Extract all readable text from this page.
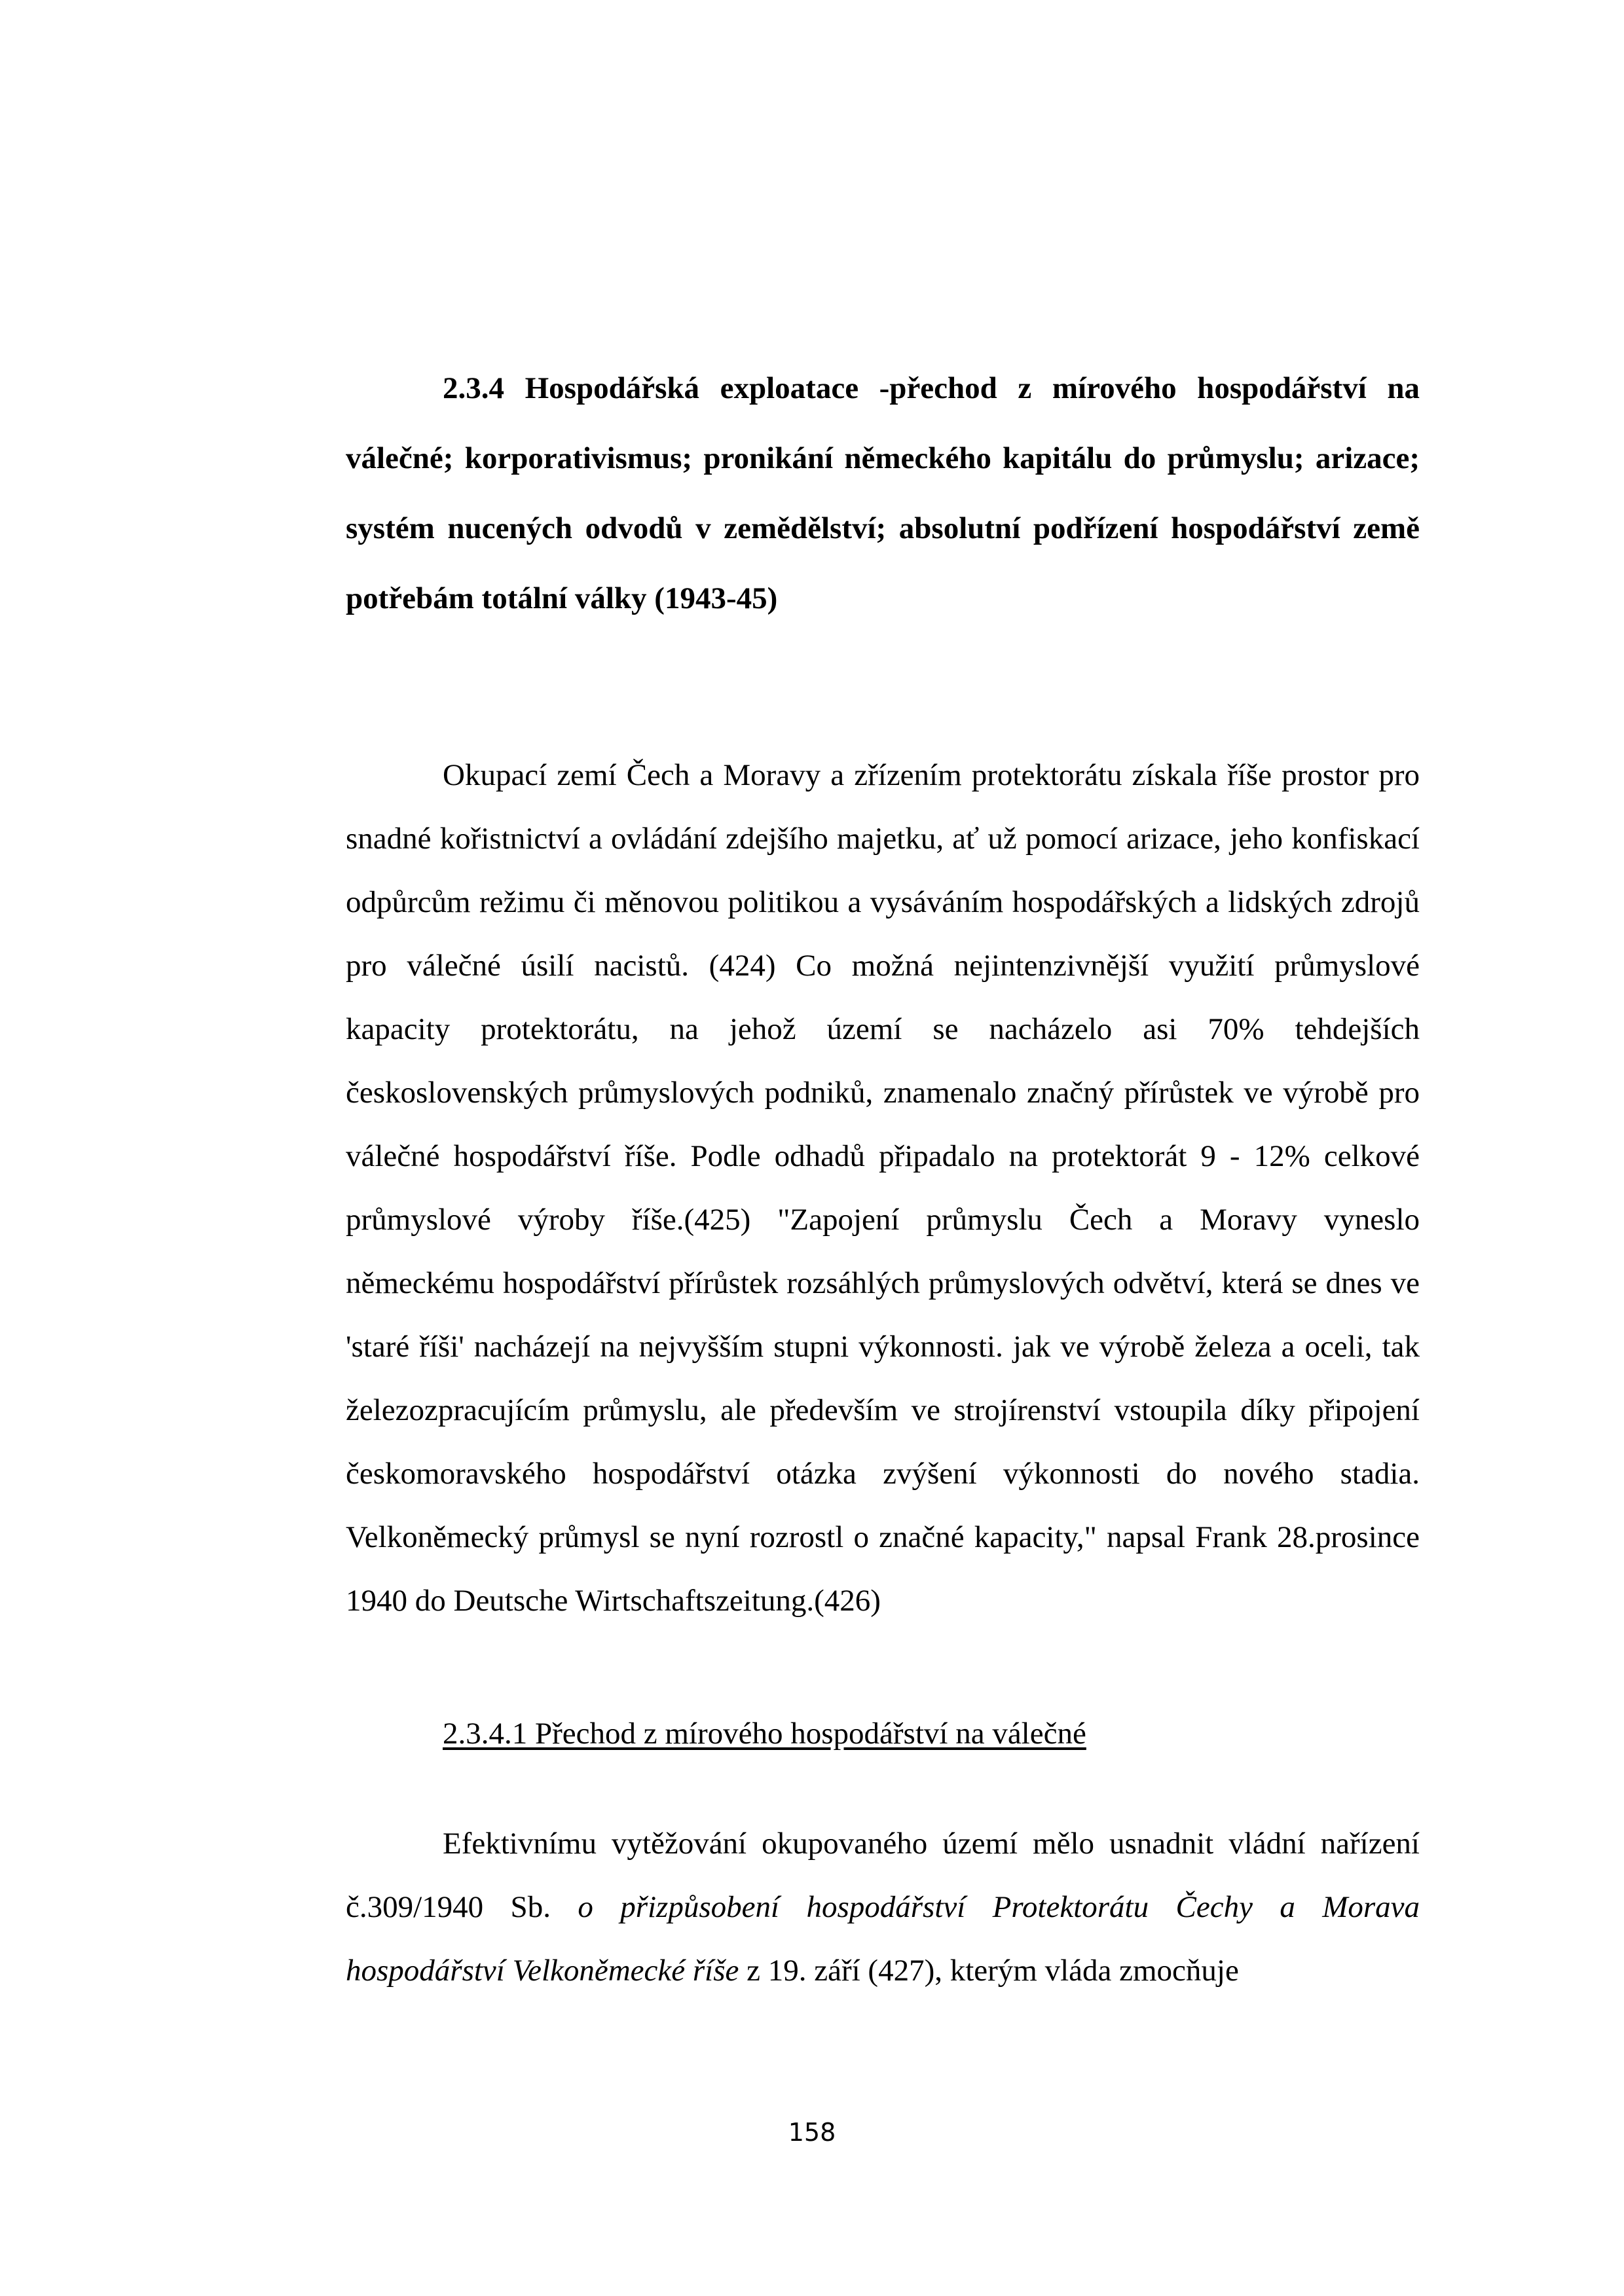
2.3.4 Hospodářská exploatace -přechod z mírového hospodářství na válečné; korporativismus; pronikání německého kapitálu do průmyslu; arizace; systém nucených odvodů v zemědělství; absolutní podřízení hospodářství země potřebám totální války (1943-45)
Okupací zemí Čech a Moravy a zřízením protektorátu získala říše prostor pro snadné kořistnictví a ovládání zdejšího majetku, ať už pomocí arizace, jeho konfiskací odpůrcům režimu či měnovou politikou a vysáváním hospodářských a lidských zdrojů pro válečné úsilí nacistů. (424) Co možná nejintenzivnější využití průmyslové kapacity protektorátu, na jehož území se nacházelo asi 70% tehdejších československých průmyslových podniků, znamenalo značný přírůstek ve výrobě pro válečné hospodářství říše. Podle odhadů připadalo na protektorát 9 - 12% celkové průmyslové výroby říše.(425) "Zapojení průmyslu Čech a Moravy vyneslo německému hospodářství přírůstek rozsáhlých průmyslových odvětví, která se dnes ve 'staré říši' nacházejí na nejvyšším stupni výkonnosti. jak ve výrobě železa a oceli, tak železozpracujícím průmyslu, ale především ve strojírenství vstoupila díky připojení českomoravského hospodářství otázka zvýšení výkonnosti do nového stadia. Velkoněmecký průmysl se nyní rozrostl o značné kapacity," napsal Frank 28.prosince 1940 do Deutsche Wirtschaftszeitung.(426)
2.3.4.1 Přechod z mírového hospodářství na válečné
Efektivnímu vytěžování okupovaného území mělo usnadnit vládní nařízení č.309/1940 Sb. o přizpůsobení hospodářství Protektorátu Čechy a Morava hospodářství Velkoněmecké říše z 19. září (427), kterým vláda zmocňuje
158
